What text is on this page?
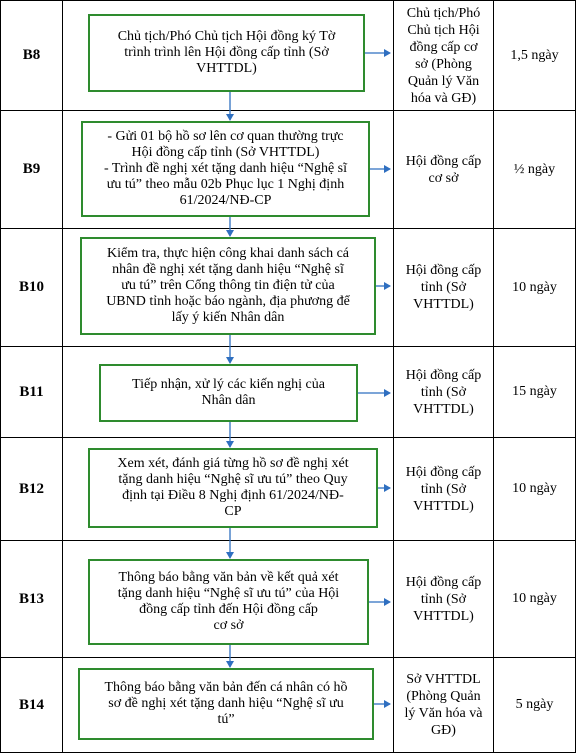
B8
Chủ tịch/Phó Chủ tịch Hội đồng ký Tờ
trình trình lên Hội đồng cấp tỉnh (Sở
VHTTDL)
Chủ tịch/Phó
Chủ tịch Hội
đồng cấp cơ
sở (Phòng
Quản lý Văn
hóa và GĐ)
1,5 ngày
B9
- Gửi 01 bộ hồ sơ lên cơ quan thường trực
Hội đồng cấp tỉnh (Sở VHTTDL)
- Trình đề nghị xét tặng danh hiệu “Nghệ sĩ
ưu tú” theo mẫu 02b Phục lục 1 Nghị định
61/2024/NĐ-CP
Hội đồng cấp
cơ sở
½ ngày
B10
Kiểm tra, thực hiện công khai danh sách cá
nhân đề nghị xét tặng danh hiệu “Nghệ sĩ
ưu tú” trên Cổng thông tin điện tử của
UBND tỉnh hoặc báo ngành, địa phương để
lấy ý kiến Nhân dân
Hội đồng cấp
tỉnh (Sở
VHTTDL)
10 ngày
B11	Tiếp nhận, xử lý các kiến nghị của
Nhân dân
Hội đồng cấp
tỉnh (Sở
VHTTDL)
15 ngày
B12
Xem xét, đánh giá từng hồ sơ đề nghị xét
tặng danh hiệu “Nghệ sĩ ưu tú” theo Quy
định tại Điều 8 Nghị định 61/2024/NĐ-
CP
Hội đồng cấp
tỉnh (Sở
VHTTDL)
10 ngày
B13
Thông báo bằng văn bản về kết quả xét
tặng danh hiệu “Nghệ sĩ ưu tú” của Hội
đồng cấp tỉnh đến Hội đồng cấp
cơ sở
Hội đồng cấp
tỉnh (Sở
VHTTDL)
10 ngày
B14
Thông báo bằng văn bản đến cá nhân có hồ
sơ đề nghị xét tặng danh hiệu “Nghệ sĩ ưu
tú”
Sở VHTTDL
(Phòng Quản
lý Văn hóa và
GĐ)
5 ngày
